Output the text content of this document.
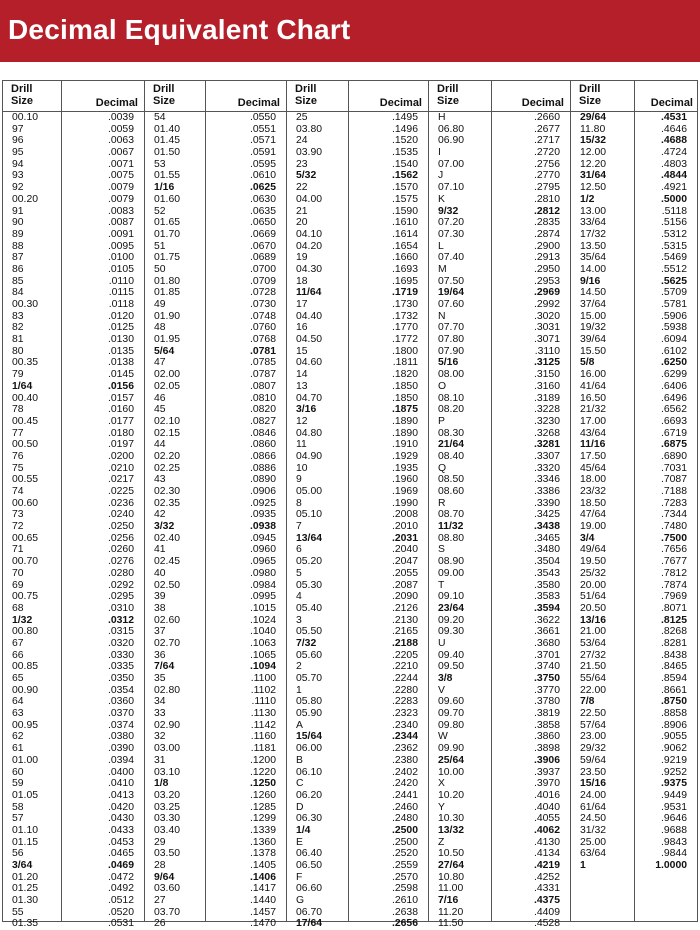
Decimal Equivalent Chart
Drill Size	Decimal
00.10	.0039
97	.0059
96	.0063
95	.0067
94	.0071
93	.0075
92	.0079
00.20	.0079
91	.0083
90	.0087
89	.0091
88	.0095
87	.0100
86	.0105
85	.0110
84	.0115
00.30	.0118
83	.0120
82	.0125
81	.0130
80	.0135
00.35	.0138
79	.0145
1/64	.0156
00.40	.0157
78	.0160
00.45	.0177
77	.0180
00.50	.0197
76	.0200
75	.0210
00.55	.0217
74	.0225
00.60	.0236
73	.0240
72	.0250
00.65	.0256
71	.0260
00.70	.0276
70	.0280
69	.0292
00.75	.0295
68	.0310
1/32	.0312
00.80	.0315
67	.0320
66	.0330
00.85	.0335
65	.0350
00.90	.0354
64	.0360
63	.0370
00.95	.0374
62	.0380
61	.0390
01.00	.0394
60	.0400
59	.0410
01.05	.0413
58	.0420
57	.0430
01.10	.0433
01.15	.0453
56	.0465
3/64	.0469
01.20	.0472
01.25	.0492
01.30	.0512
55	.0520
01.35	.0531
Drill Size	Decimal
54	.0550
01.40	.0551
01.45	.0571
01.50	.0591
53	.0595
01.55	.0610
1/16	.0625
01.60	.0630
52	.0635
01.65	.0650
01.70	.0669
51	.0670
01.75	.0689
50	.0700
01.80	.0709
01.85	.0728
49	.0730
01.90	.0748
48	.0760
01.95	.0768
5/64	.0781
47	.0785
02.00	.0787
02.05	.0807
46	.0810
45	.0820
02.10	.0827
02.15	.0846
44	.0860
02.20	.0866
02.25	.0886
43	.0890
02.30	.0906
02.35	.0925
42	.0935
3/32	.0938
02.40	.0945
41	.0960
02.45	.0965
40	.0980
02.50	.0984
39	.0995
38	.1015
02.60	.1024
37	.1040
02.70	.1063
36	.1065
7/64	.1094
35	.1100
02.80	.1102
34	.1110
33	.1130
02.90	.1142
32	.1160
03.00	.1181
31	.1200
03.10	.1220
1/8	.1250
03.20	.1260
03.25	.1285
03.30	.1299
03.40	.1339
29	.1360
03.50	.1378
28	.1405
9/64	.1406
03.60	.1417
27	.1440
03.70	.1457
26	.1470
Drill Size	Decimal
25	.1495
03.80	.1496
24	.1520
03.90	.1535
23	.1540
5/32	.1562
22	.1570
04.00	.1575
21	.1590
20	.1610
04.10	.1614
04.20	.1654
19	.1660
04.30	.1693
18	.1695
11/64	.1719
17	.1730
04.40	.1732
16	.1770
04.50	.1772
15	.1800
04.60	.1811
14	.1820
13	.1850
04.70	.1850
3/16	.1875
12	.1890
04.80	.1890
11	.1910
04.90	.1929
10	.1935
9	.1960
05.00	.1969
8	.1990
05.10	.2008
7	.2010
13/64	.2031
6	.2040
05.20	.2047
5	.2055
05.30	.2087
4	.2090
05.40	.2126
3	.2130
05.50	.2165
7/32	.2188
05.60	.2205
2	.2210
05.70	.2244
1	.2280
05.80	.2283
05.90	.2323
A	.2340
15/64	.2344
06.00	.2362
B	.2380
06.10	.2402
C	.2420
06.20	.2441
D	.2460
06.30	.2480
1/4	.2500
E	.2500
06.40	.2520
06.50	.2559
F	.2570
06.60	.2598
G	.2610
06.70	.2638
17/64	.2656
Drill Size	Decimal
H	.2660
06.80	.2677
06.90	.2717
I	.2720
07.00	.2756
J	.2770
07.10	.2795
K	.2810
9/32	.2812
07.20	.2835
07.30	.2874
L	.2900
07.40	.2913
M	.2950
07.50	.2953
19/64	.2969
07.60	.2992
N	.3020
07.70	.3031
07.80	.3071
07.90	.3110
5/16	.3125
08.00	.3150
O	.3160
08.10	.3189
08.20	.3228
P	.3230
08.30	.3268
21/64	.3281
08.40	.3307
Q	.3320
08.50	.3346
08.60	.3386
R	.3390
08.70	.3425
11/32	.3438
08.80	.3465
S	.3480
08.90	.3504
09.00	.3543
T	.3580
09.10	.3583
23/64	.3594
09.20	.3622
09.30	.3661
U	.3680
09.40	.3701
09.50	.3740
3/8	.3750
V	.3770
09.60	.3780
09.70	.3819
09.80	.3858
W	.3860
09.90	.3898
25/64	.3906
10.00	.3937
X	.3970
10.20	.4016
Y	.4040
10.30	.4055
13/32	.4062
Z	.4130
10.50	.4134
27/64	.4219
10.80	.4252
11.00	.4331
7/16	.4375
11.20	.4409
11.50	.4528
Drill Size	Decimal
29/64	.4531
11.80	.4646
15/32	.4688
12.00	.4724
12.20	.4803
31/64	.4844
12.50	.4921
1/2	.5000
13.00	.5118
33/64	.5156
17/32	.5312
13.50	.5315
35/64	.5469
14.00	.5512
9/16	.5625
14.50	.5709
37/64	.5781
15.00	.5906
19/32	.5938
39/64	.6094
15.50	.6102
5/8	.6250
16.00	.6299
41/64	.6406
16.50	.6496
21/32	.6562
17.00	.6693
43/64	.6719
11/16	.6875
17.50	.6890
45/64	.7031
18.00	.7087
23/32	.7188
18.50	.7283
47/64	.7344
19.00	.7480
3/4	.7500
49/64	.7656
19.50	.7677
25/32	.7812
20.00	.7874
51/64	.7969
20.50	.8071
13/16	.8125
21.00	.8268
53/64	.8281
27/32	.8438
21.50	.8465
55/64	.8594
22.00	.8661
7/8	.8750
22.50	.8858
57/64	.8906
23.00	.9055
29/32	.9062
59/64	.9219
23.50	.9252
15/16	.9375
24.00	.9449
61/64	.9531
24.50	.9646
31/32	.9688
25.00	.9843
63/64	.9844
1	1.0000
